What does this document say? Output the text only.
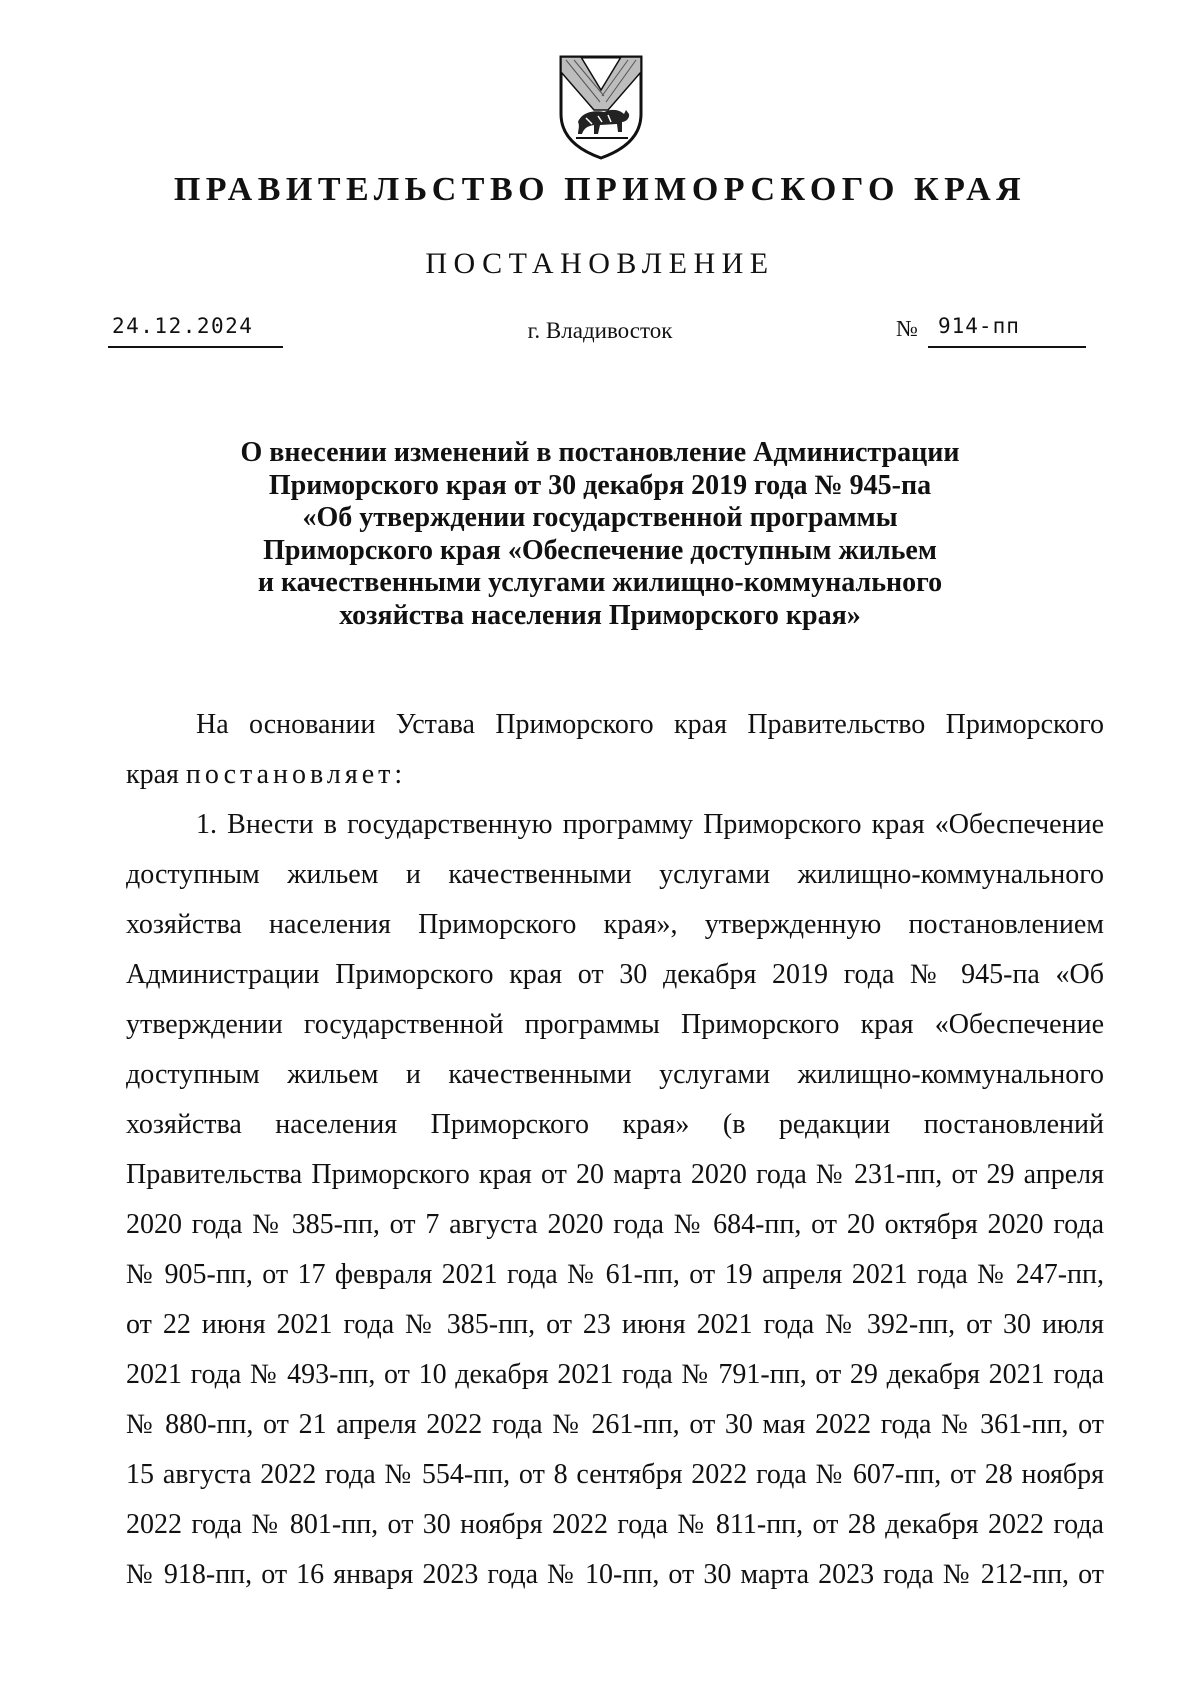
ПРАВИТЕЛЬСТВО ПРИМОРСКОГО КРАЯ
ПОСТАНОВЛЕНИЕ
24.12.2024	г. Владивосток	№ 914-пп
О внесении изменений в постановление Администрации
Приморского края от 30 декабря 2019 года № 945-па
«Об утверждении государственной программы
Приморского края «Обеспечение доступным жильем
и качественными услугами жилищно-коммунального
хозяйства населения Приморского края»
На основании Устава Приморского края Правительство Приморского
края постановляет:
1. Внести в государственную программу Приморского края «Обеспечение
доступным жильем и качественными услугами жилищно-коммунального
хозяйства населения Приморского края», утвержденную постановлением
Администрации Приморского края от 30 декабря 2019 года № 945-па «Об
утверждении государственной программы Приморского края «Обеспечение
доступным жильем и качественными услугами жилищно-коммунального
хозяйства населения Приморского края» (в редакции постановлений
Правительства Приморского края от 20 марта 2020 года № 231-пп, от 29 апреля
2020 года № 385-пп, от 7 августа 2020 года № 684-пп, от 20 октября 2020 года
№ 905-пп, от 17 февраля 2021 года № 61-пп, от 19 апреля 2021 года № 247-пп,
от 22 июня 2021 года № 385-пп, от 23 июня 2021 года № 392-пп, от 30 июля
2021 года № 493-пп, от 10 декабря 2021 года № 791-пп, от 29 декабря 2021 года
№ 880-пп, от 21 апреля 2022 года № 261-пп, от 30 мая 2022 года № 361-пп, от
15 августа 2022 года № 554-пп, от 8 сентября 2022 года № 607-пп, от 28 ноября
2022 года № 801-пп, от 30 ноября 2022 года № 811-пп, от 28 декабря 2022 года
№ 918-пп, от 16 января 2023 года № 10-пп, от 30 марта 2023 года № 212-пп, от
